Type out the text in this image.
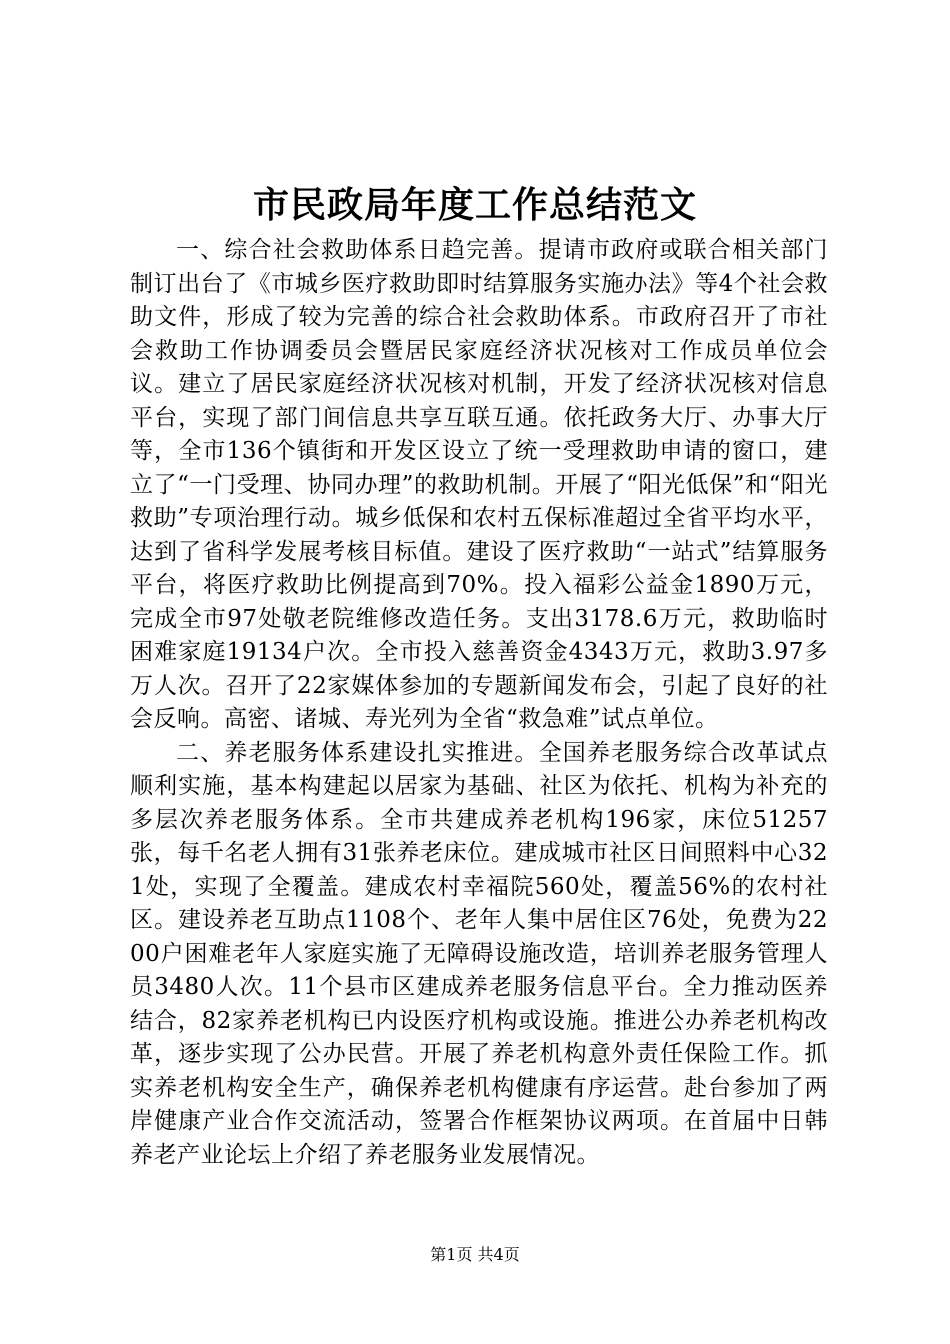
市民政局年度工作总结范文

一、综合社会救助体系日趋完善。提请市政府或联合相关部门制订出台了《市城乡医疗救助即时结算服务实施办法》等4个社会救助文件，形成了较为完善的综合社会救助体系。市政府召开了市社会救助工作协调委员会暨居民家庭经济状况核对工作成员单位会议。建立了居民家庭经济状况核对机制，开发了经济状况核对信息平台，实现了部门间信息共享互联互通。依托政务大厅、办事大厅等，全市136个镇街和开发区设立了统一受理救助申请的窗口，建立了“一门受理、协同办理”的救助机制。开展了“阳光低保”和“阳光救助”专项治理行动。城乡低保和农村五保标准超过全省平均水平，达到了省科学发展考核目标值。建设了医疗救助“一站式”结算服务平台，将医疗救助比例提高到70%。投入福彩公益金1890万元，完成全市97处敬老院维修改造任务。支出3178.6万元，救助临时困难家庭19134户次。全市投入慈善资金4343万元，救助3.97多万人次。召开了22家媒体参加的专题新闻发布会，引起了良好的社会反响。高密、诸城、寿光列为全省“救急难”试点单位。

二、养老服务体系建设扎实推进。全国养老服务综合改革试点顺利实施，基本构建起以居家为基础、社区为依托、机构为补充的多层次养老服务体系。全市共建成养老机构196家，床位51257张，每千名老人拥有31张养老床位。建成城市社区日间照料中心321处，实现了全覆盖。建成农村幸福院560处，覆盖56%的农村社区。建设养老互助点1108个、老年人集中居住区76处，免费为2200户困难老年人家庭实施了无障碍设施改造，培训养老服务管理人员3480人次。11个县市区建成养老服务信息平台。全力推动医养结合，82家养老机构已内设医疗机构或设施。推进公办养老机构改革，逐步实现了公办民营。开展了养老机构意外责任保险工作。抓实养老机构安全生产，确保养老机构健康有序运营。赴台参加了两岸健康产业合作交流活动，签署合作框架协议两项。在首届中日韩养老产业论坛上介绍了养老服务业发展情况。

第1页 共4页
